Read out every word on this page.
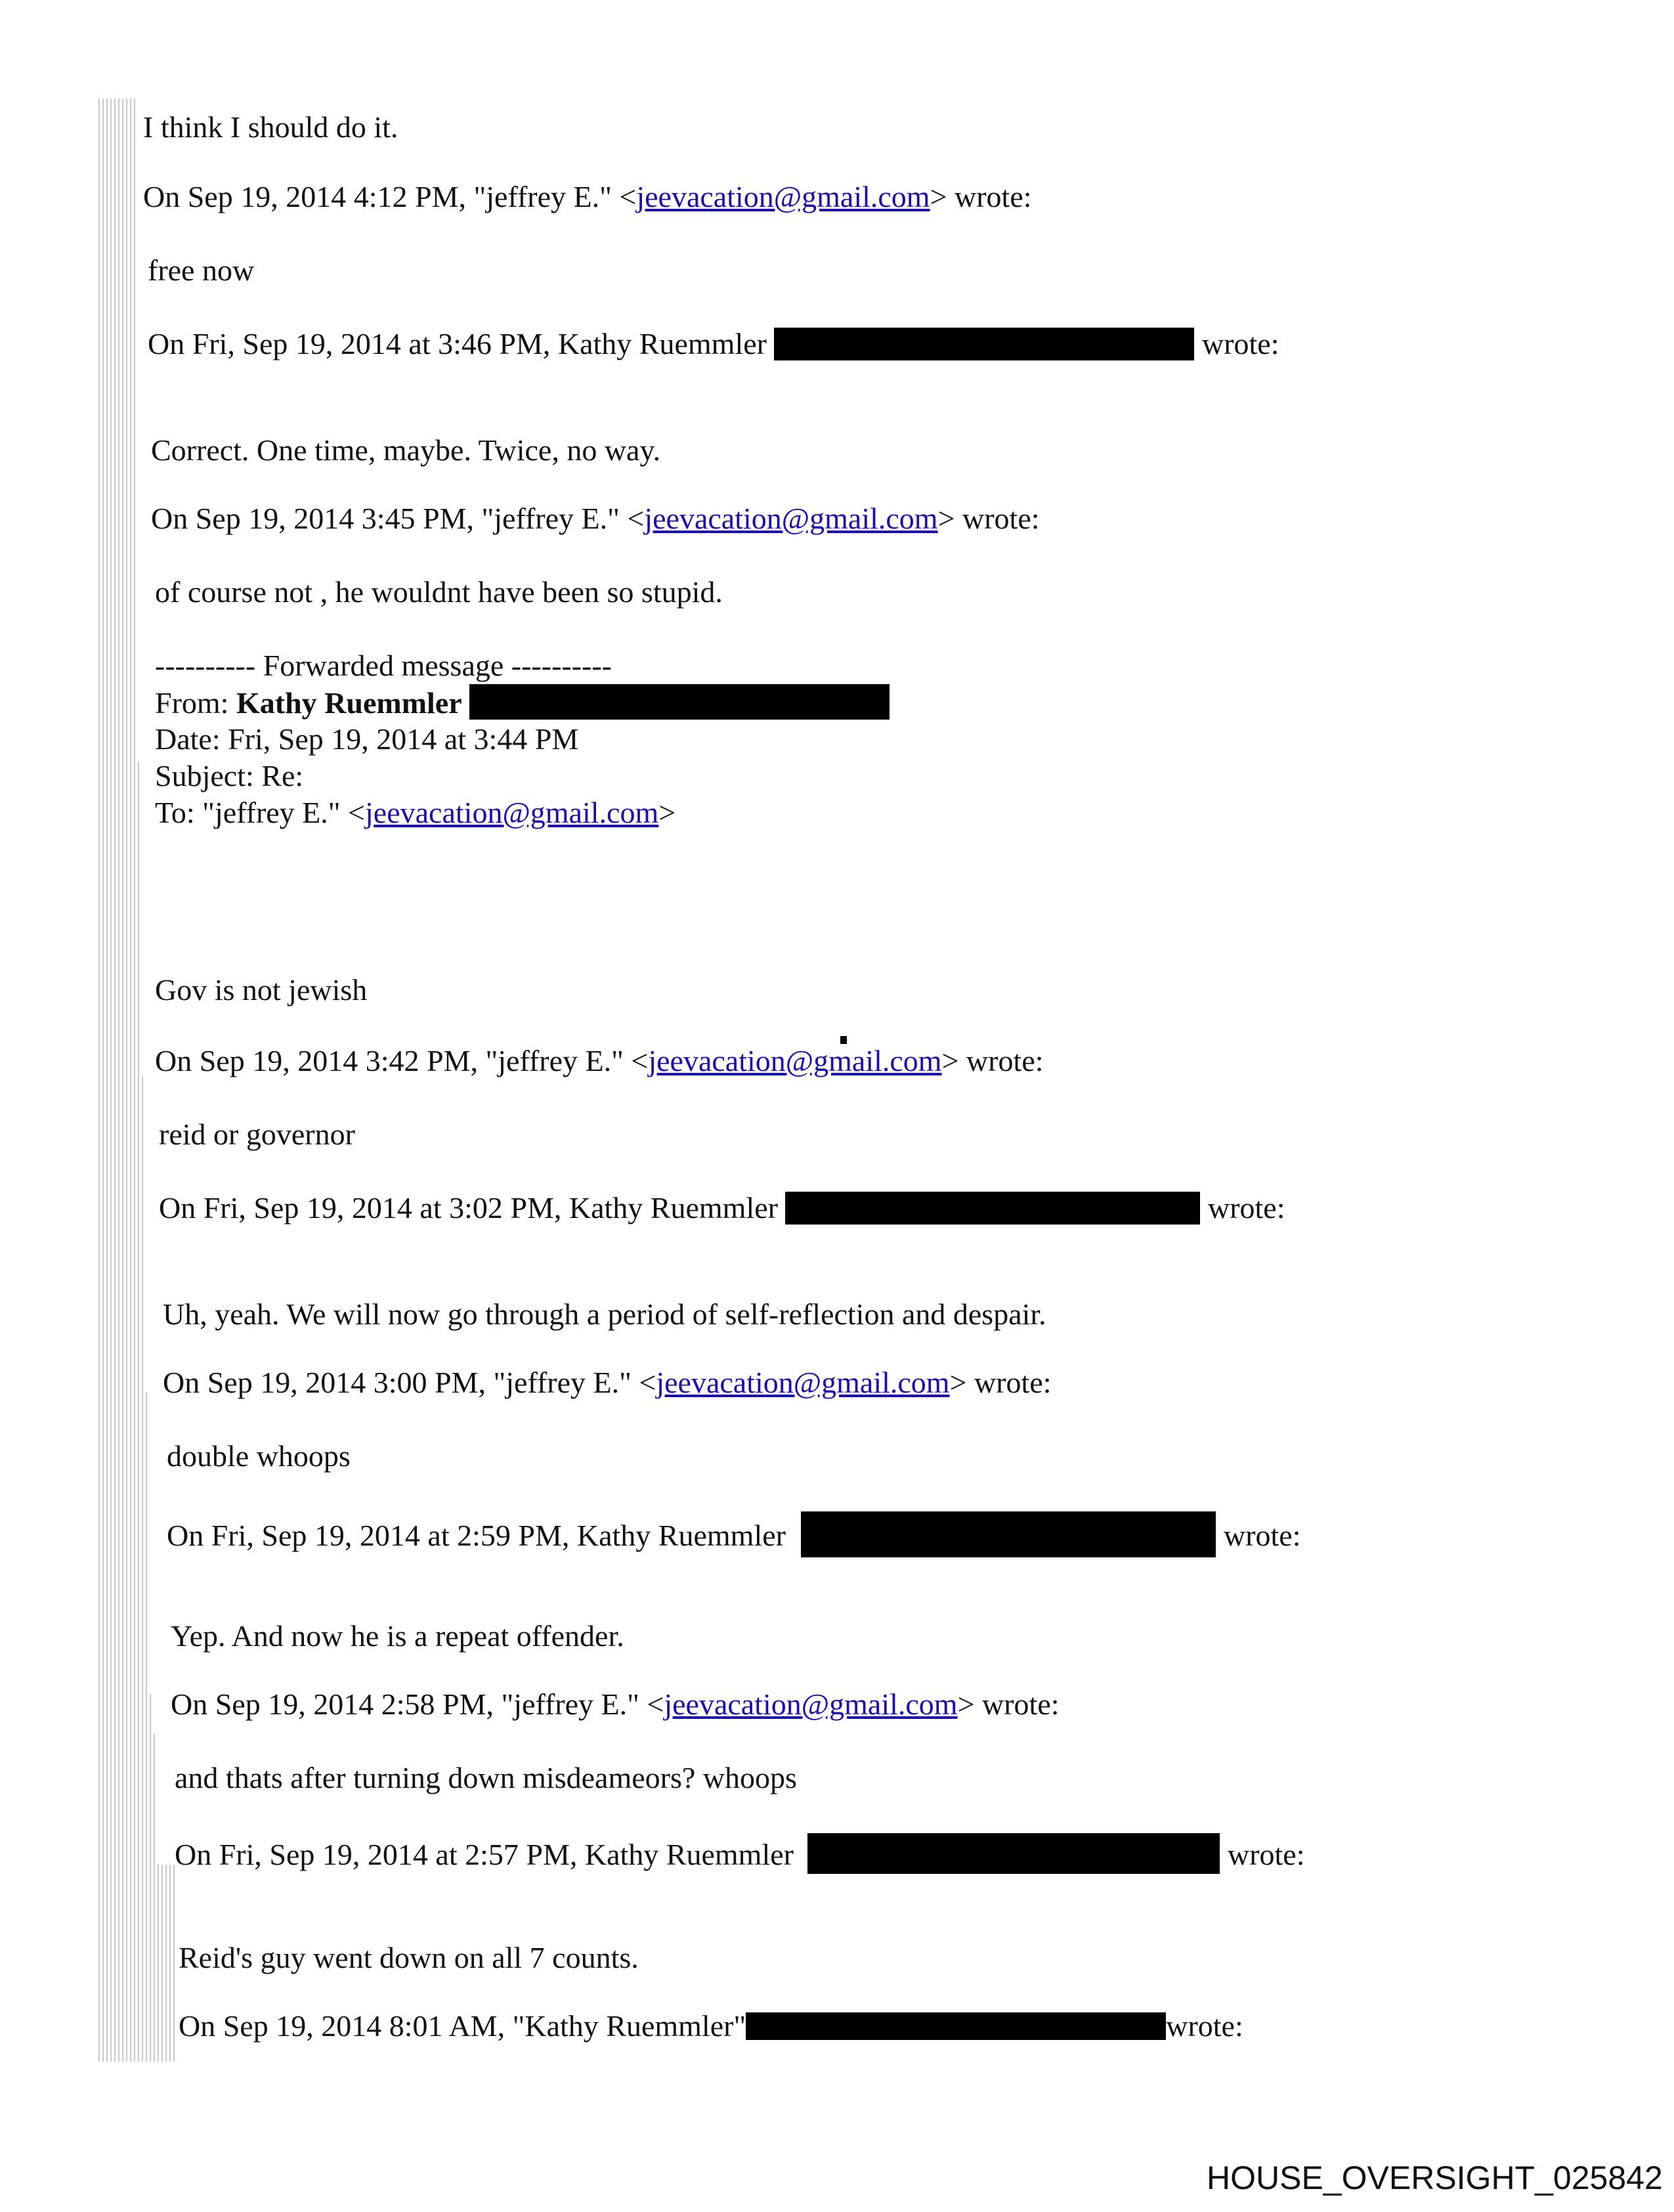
I think I should do it.
On Sep 19, 2014 4:12 PM, "jeffrey E." <jeevacation@gmail.com> wrote:
free now
On Fri, Sep 19, 2014 at 3:46 PM, Kathy Ruemmler	wrote:
Correct. One time, maybe. Twice, no way.
On Sep 19, 2014 3:45 PM, "jeffrey E." <jeevacation@gmail.com> wrote:
of course not , he wouldnt have been so stupid.
---------- Forwarded message ----------
From: Kathy Ruemmler
Date: Fri, Sep 19, 2014 at 3:44 PM
Subject: Re:
To: "jeffrey E." <jeevacation@gmail.com>
Gov is not jewish
On Sep 19, 2014 3:42 PM, "jeffrey E." <jeevacation@gmail.com> wrote:
reid or governor
On Fri, Sep 19, 2014 at 3:02 PM, Kathy Ruemmler	wrote:
Uh, yeah. We will now go through a period of self-reflection and despair.
On Sep 19, 2014 3:00 PM, "jeffrey E." <jeevacation@gmail.com> wrote:
double whoops
On Fri, Sep 19, 2014 at 2:59 PM, Kathy Ruemmler	wrote:
Yep. And now he is a repeat offender.
On Sep 19, 2014 2:58 PM, "jeffrey E." <jeevacation@gmail.com> wrote:
and thats after turning down misdeameors? whoops
On Fri, Sep 19, 2014 at 2:57 PM, Kathy Ruemmler	wrote:
Reid's guy went down on all 7 counts.
On Sep 19, 2014 8:01 AM, "Kathy Ruemmler"	wrote:
HOUSE_OVERSIGHT_025842
